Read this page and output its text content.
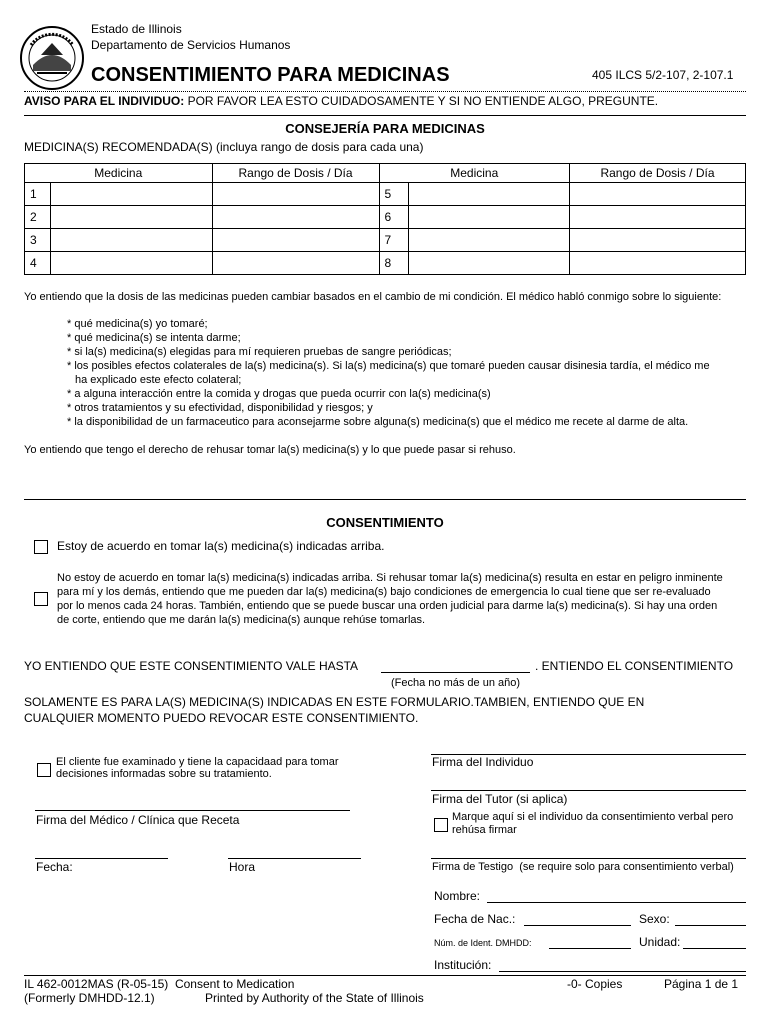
Estado de Illinois
Departamento de Servicios Humanos
CONSENTIMIENTO PARA MEDICINAS	405 ILCS 5/2-107, 2-107.1
AVISO PARA EL INDIVIDUO: POR FAVOR LEA ESTO CUIDADOSAMENTE Y SI NO ENTIENDE ALGO, PREGUNTE.
CONSEJERÍA PARA MEDICINAS
MEDICINA(S) RECOMENDADA(S) (incluya rango de dosis para cada una)
Medicina		Rango de Dosis / Día	Medicina		Rango de Dosis / Día
1			5		
2			6		
3			7		
4			8		
Yo entiendo que la dosis de las medicinas pueden cambiar basados en el cambio de mi condición. El médico habló conmigo sobre lo siguiente:
* qué medicina(s) yo tomaré;
* qué medicina(s) se intenta darme;
* si la(s) medicina(s) elegidas para mí requieren pruebas de sangre periódicas;
* los posibles efectos colaterales de la(s) medicina(s). Si la(s) medicina(s) que tomaré pueden causar disinesia tardía, el médico me
ha explicado este efecto colateral;
* a alguna interacción entre la comida y drogas que pueda ocurrir con la(s) medicina(s)
* otros tratamientos y su efectividad, disponibilidad y riesgos; y
* la disponibilidad de un farmaceutico para aconsejarme sobre alguna(s) medicina(s) que el médico me recete al darme de alta.
Yo entiendo que tengo el derecho de rehusar tomar la(s) medicina(s) y lo que puede pasar si rehuso.
CONSENTIMIENTO
Estoy de acuerdo en tomar la(s) medicina(s) indicadas arriba.
No estoy de acuerdo en tomar la(s) medicina(s) indicadas arriba. Si rehusar tomar la(s) medicina(s) resulta en estar en peligro inminente
para mí y los demás, entiendo que me pueden dar la(s) medicina(s) bajo condiciones de emergencia lo cual tiene que ser re-evaluado
por lo menos cada 24 horas. También, entiendo que se puede buscar una orden judicial para darme la(s) medicina(s). Si hay una orden
de corte, entiendo que me darán la(s) medicina(s) aunque rehúse tomarlas.
YO ENTIENDO QUE ESTE CONSENTIMIENTO VALE HASTA	. ENTIENDO EL CONSENTIMIENTO
(Fecha no más de un año)
SOLAMENTE ES PARA LA(S) MEDICINA(S) INDICADAS EN ESTE FORMULARIO.TAMBIEN, ENTIENDO QUE EN
CUALQUIER MOMENTO PUEDO REVOCAR ESTE CONSENTIMIENTO.
Firma del Individuo
El cliente fue examinado y tiene la capacidaad para tomar
decisiones informadas sobre su tratamiento.
Firma del Tutor (si aplica)
Firma del Médico / Clínica que Receta	Marque aquí si el individuo da consentimiento verbal pero
rehúsa firmar
Fecha:	Hora	Firma de Testigo (se require solo para consentimiento verbal)
Nombre:
Fecha de Nac.:	Sexo:
Núm. de Ident. DMHDD:	Unidad:
Institución:
IL 462-0012MAS (R-05-15) Consent to Medication
(Formerly DMHDD-12.1)	Printed by Authority of the State of Illinois
-0- Copies	Página 1 de 1
